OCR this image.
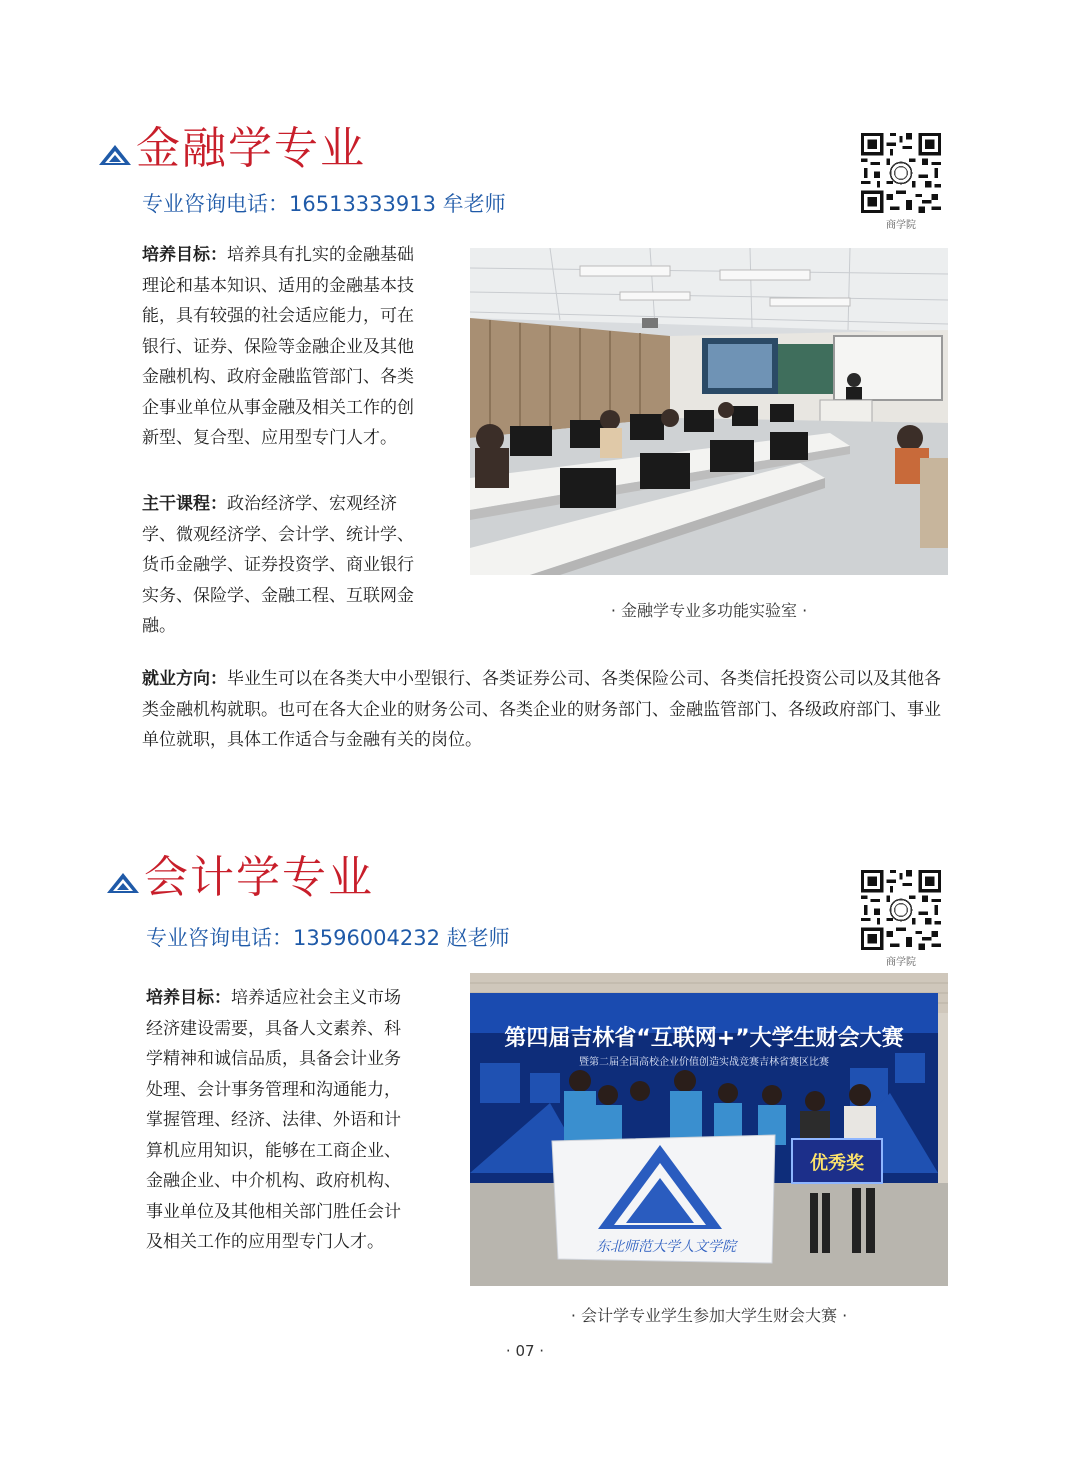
金融学专业
专业咨询电话：16513333913 牟老师
商学院
培养目标：培养具有扎实的金融基础理论和基本知识、适用的金融基本技能，具有较强的社会适应能力，可在银行、证券、保险等金融企业及其他金融机构、政府金融监管部门、各类企事业单位从事金融及相关工作的创新型、复合型、应用型专门人才。
主干课程：政治经济学、宏观经济学、微观经济学、会计学、统计学、货币金融学、证券投资学、商业银行实务、保险学、金融工程、互联网金融。
· 金融学专业多功能实验室 ·
就业方向：毕业生可以在各类大中小型银行、各类证券公司、各类保险公司、各类信托投资公司以及其他各类金融机构就职。也可在各大企业的财务公司、各类企业的财务部门、金融监管部门、各级政府部门、事业单位就职，具体工作适合与金融有关的岗位。
会计学专业
专业咨询电话：13596004232 赵老师
商学院
培养目标：培养适应社会主义市场经济建设需要，具备人文素养、科学精神和诚信品质，具备会计业务处理、会计事务管理和沟通能力，掌握管理、经济、法律、外语和计算机应用知识，能够在工商企业、金融企业、中介机构、政府机构、事业单位及其他相关部门胜任会计及相关工作的应用型专门人才。
第四届吉林省“互联网+”大学生财会大赛
暨第二届全国高校企业价值创造实战竞赛吉林省赛区比赛
优秀奖
东北师范大学人文学院
· 会计学专业学生参加大学生财会大赛 ·
· 07 ·
